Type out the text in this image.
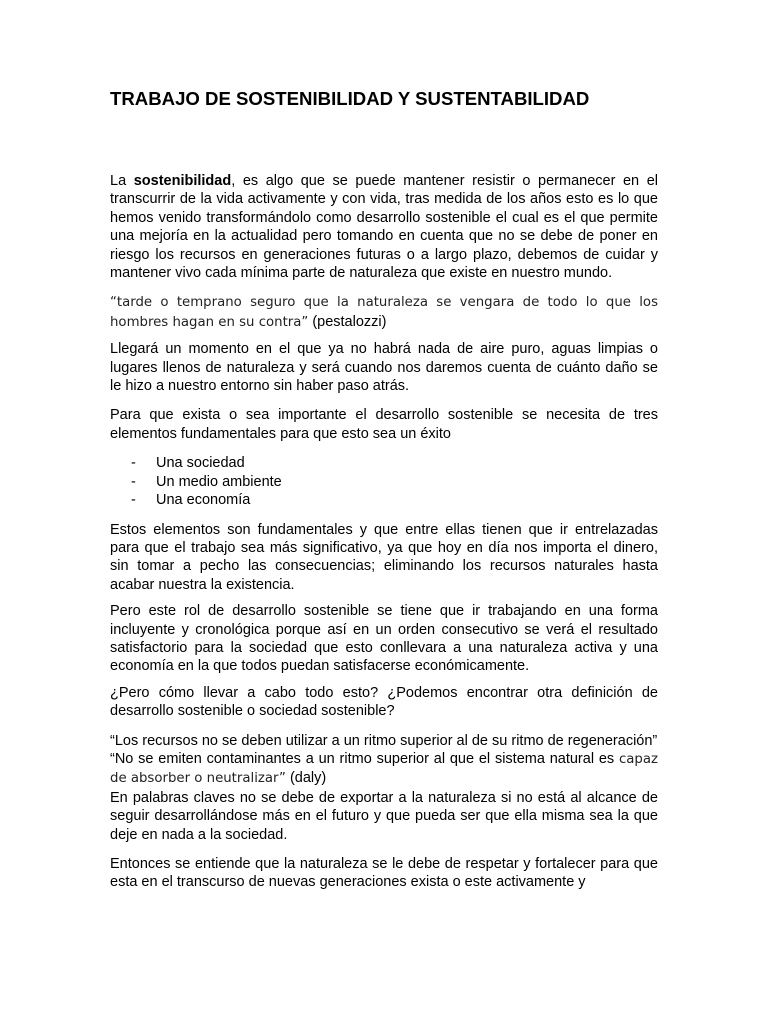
TRABAJO DE SOSTENIBILIDAD Y SUSTENTABILIDAD

La sostenibilidad, es algo que se puede mantener resistir o permanecer en el transcurrir de la vida activamente y con vida, tras medida de los años esto es lo que hemos venido transformándolo como desarrollo sostenible el cual es el que permite una mejoría en la actualidad pero tomando en cuenta que no se debe de poner en riesgo los recursos en generaciones futuras o a largo plazo, debemos de cuidar y mantener vivo cada mínima parte de naturaleza que existe en nuestro mundo.

“tarde o temprano seguro que la naturaleza se vengara de todo lo que los hombres hagan en su contra” (pestalozzi)

Llegará un momento en el que ya no habrá nada de aire puro, aguas limpias o lugares llenos de naturaleza y será cuando nos daremos cuenta de cuánto daño se le hizo a nuestro entorno sin haber paso atrás.

Para que exista o sea importante el desarrollo sostenible se necesita de tres elementos fundamentales para que esto sea un éxito

- Una sociedad
- Un medio ambiente
- Una economía

Estos elementos son fundamentales y que entre ellas tienen que ir entrelazadas para que el trabajo sea más significativo, ya que hoy en día nos importa el dinero, sin tomar a pecho las consecuencias; eliminando los recursos naturales hasta acabar nuestra la existencia.

Pero este rol de desarrollo sostenible se tiene que ir trabajando en una forma incluyente y cronológica porque así en un orden consecutivo se verá el resultado satisfactorio para la sociedad que esto conllevara a una naturaleza activa y una economía en la que todos puedan satisfacerse económicamente.

¿Pero cómo llevar a cabo todo esto? ¿Podemos encontrar otra definición de desarrollo sostenible o sociedad sostenible?

“Los recursos no se deben utilizar a un ritmo superior al de su ritmo de regeneración”

“No se emiten contaminantes a un ritmo superior al que el sistema natural es capaz de absorber o neutralizar” (daly)

En palabras claves no se debe de exportar a la naturaleza si no está al alcance de seguir desarrollándose más en el futuro y que pueda ser que ella misma sea la que deje en nada a la sociedad.

Entonces se entiende que la naturaleza se le debe de respetar y fortalecer para que esta en el transcurso de nuevas generaciones exista o este activamente y
